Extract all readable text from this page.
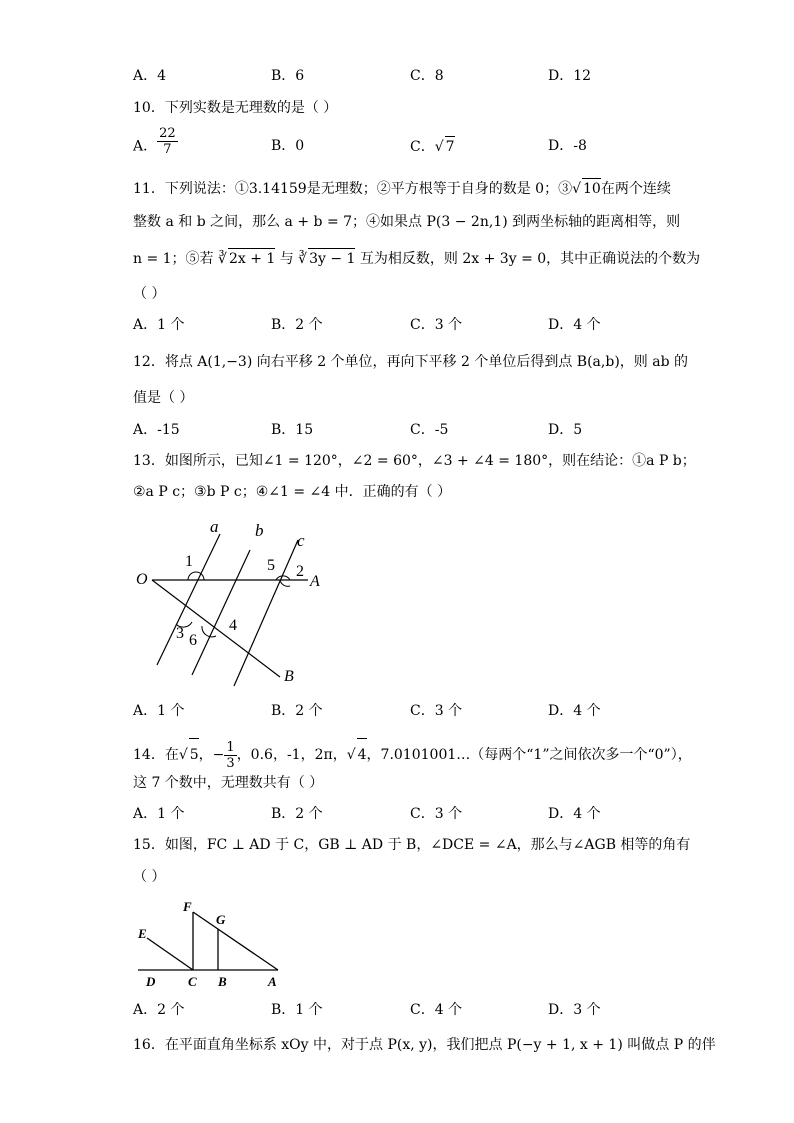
A．4	B．6	C．8	D．12
10．下列实数是无理数的是（ ）
A． $\frac{22}{7}$	B．0	C．√ 7	D．-8
11．下列说法：①3.14159是无理数；②平方根等于自身的数是 0；③√ 10在两个连续
整数 a 和 b 之间，那么 a + b = 7；④如果点 P(3 − 2n,1) 到两坐标轴的距离相等，则
n = 1；⑤若 ∛ 2x + 1 与 ∛ 3y − 1 互为相反数，则 2x + 3y = 0，其中正确说法的个数为
（ ）
A．1 个	B．2 个	C．3 个	D．4 个
12．将点 A(1,−3) 向右平移 2 个单位，再向下平移 2 个单位后得到点 B(a,b)，则 ab 的
值是（ ）
A．-15	B．15	C．-5	D．5
13．如图所示，已知∠1 = 120°，∠2 = 60°，∠3 + ∠4 = 180°，则在结论：①a P b；
②a P c；③b P c；④∠1 = ∠4 中．正确的有（ ）
a b
c
O	A
B
1
2
3	4
5
6
A．1 个	B．2 个	C．3 个	D．4 个
14．在√ 5，− $\frac{1}{3}$ ，0.6，-1，2π，√ 4，7.0101001…（每两个“1”之间依次多一个“0”），
这 7 个数中，无理数共有（ ）
A．1 个	B．2 个	C．3 个	D．4 个
15．如图，FC ⊥ AD 于 C，GB ⊥ AD 于 B，∠DCE = ∠A，那么与∠AGB 相等的角有
（ ）
E
F
G
D	C B	A
A．2 个	B．1 个	C．4 个	D．3 个
16．在平面直角坐标系 xOy 中，对于点 P(x, y)，我们把点 P(−y + 1, x + 1) 叫做点 P 的伴
